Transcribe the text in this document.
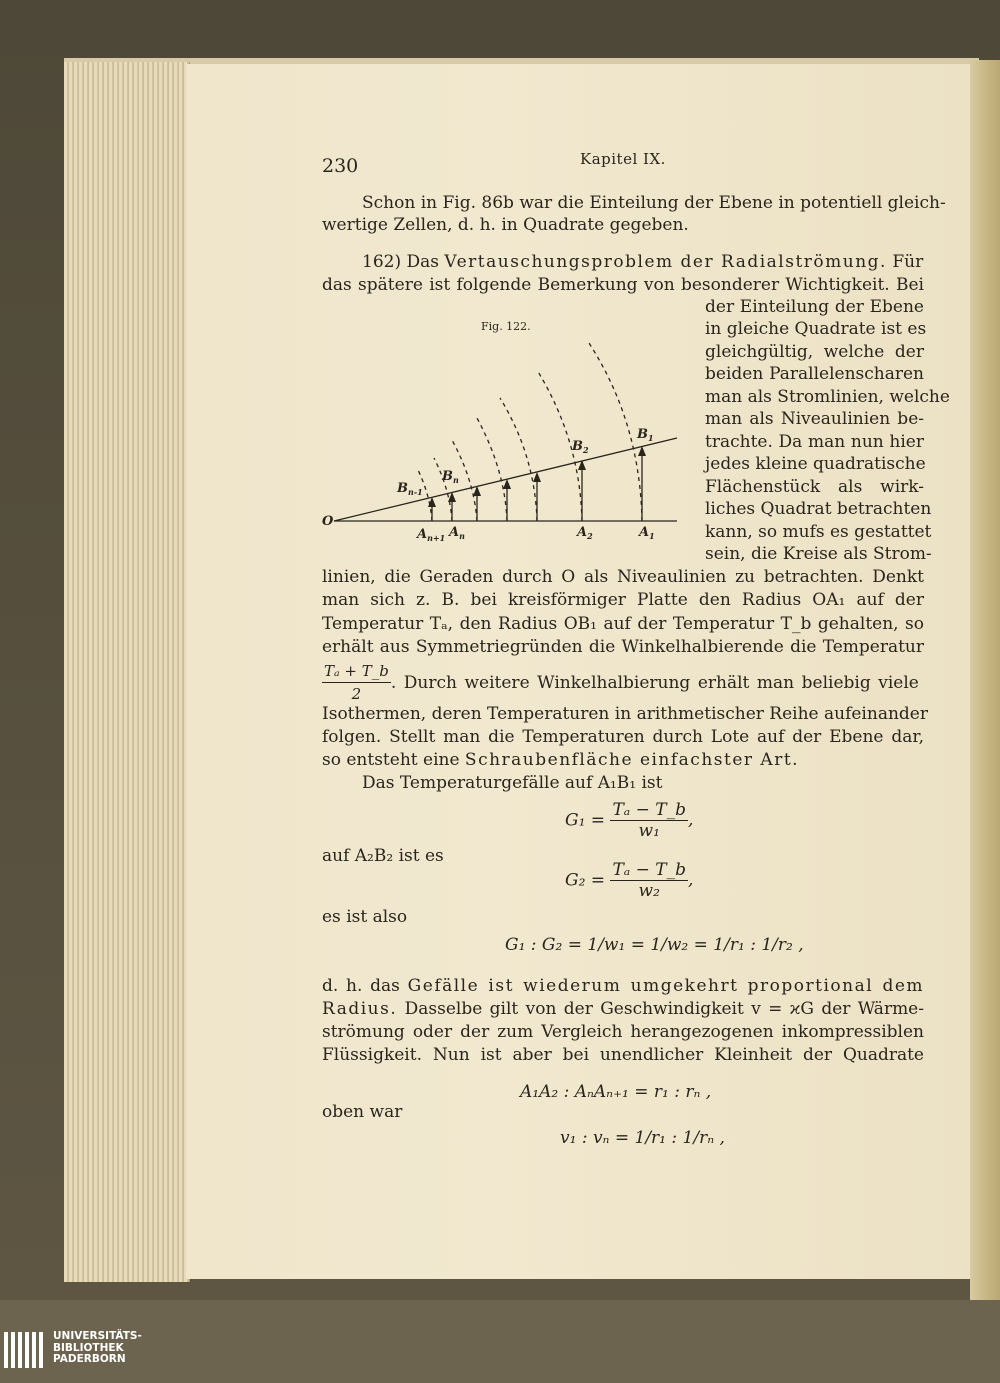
230	Kapitel IX.
Schon in Fig. 86b war die Einteilung der Ebene in potentiell gleich-
wertige Zellen, d. h. in Quadrate gegeben.
162) Das Vertauschungsproblem der Radialströmung. Für
das spätere ist folgende Bemerkung von besonderer Wichtigkeit. Bei
Fig. 122.
O
$A_{n+1}$ $A_n$	$A_2$	$A_1$
$B_1$
$B_2$
$B_n$
$B_{n-1}$
der Einteilung der Ebene
in gleiche Quadrate ist es
gleichgültig, welche der
beiden Parallelenscharen
man als Stromlinien, welche
man als Niveaulinien be-
trachte. Da man nun hier
jedes kleine quadratische
Flächenstück als wirk-
liches Quadrat betrachten
kann, so mufs es gestattet
sein, die Kreise als Strom-
linien, die Geraden durch O als Niveaulinien zu betrachten. Denkt
man sich z. B. bei kreisförmiger Platte den Radius OA₁ auf der
Temperatur Tₐ, den Radius OB₁ auf der Temperatur T_b gehalten, so
erhält aus Symmetriegründen die Winkelhalbierende die Temperatur
$\frac{\text{Tₐ + T\_b}}{2}$ . Durch weitere Winkelhalbierung erhält man beliebig viele
Isothermen, deren Temperaturen in arithmetischer Reihe aufeinander
folgen. Stellt man die Temperaturen durch Lote auf der Ebene dar,
so entsteht eine Schraubenfläche einfachster Art.
Das Temperaturgefälle auf A₁B₁ ist
$G_1 = \frac{\text{Tₐ − T\_b}}{\text{w₁}}$ ,
auf A₂B₂ ist es
$G_2 = \frac{\text{Tₐ − T\_b}}{\text{w₂}}$ ,
es ist also
G₁ : G₂ = 1/w₁ = 1/w₂ = 1/r₁ : 1/r₂ ,
d. h. das Gefälle ist wiederum umgekehrt proportional dem
Radius. Dasselbe gilt von der Geschwindigkeit v = ϰG der Wärme-
strömung oder der zum Vergleich herangezogenen inkompressiblen
Flüssigkeit. Nun ist aber bei unendlicher Kleinheit der Quadrate
A₁A₂ : AₙAₙ₊₁ = r₁ : rₙ ,
oben war
v₁ : vₙ = 1/r₁ : 1/rₙ ,
UNIVERSITÄTS-
BIBLIOTHEK
PADERBORN
